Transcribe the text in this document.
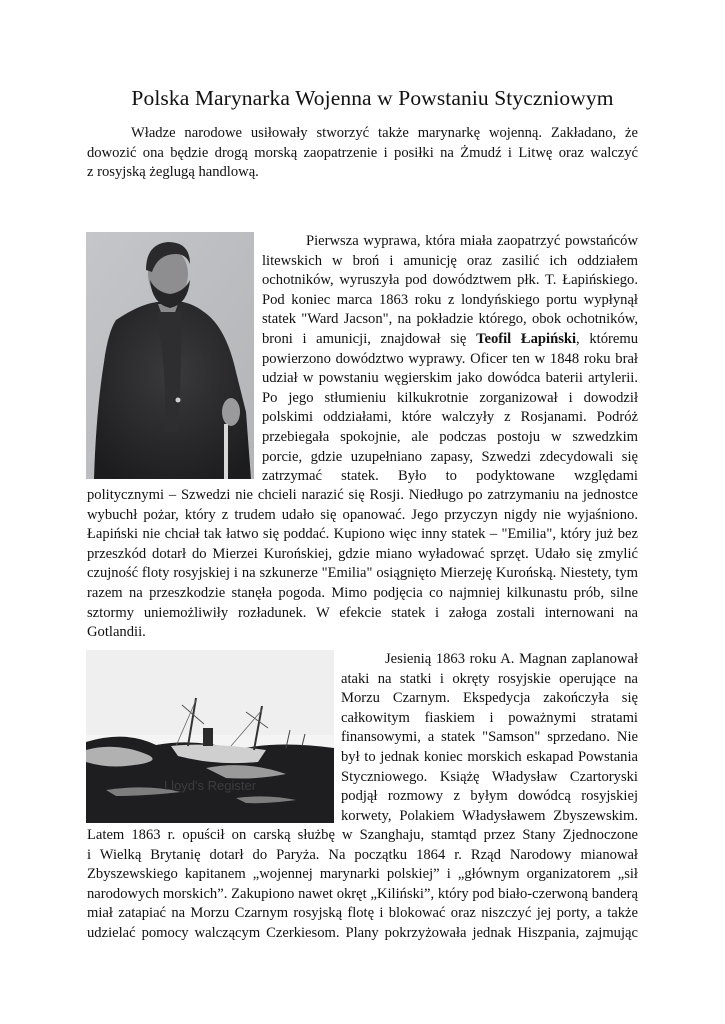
Polska Marynarka Wojenna w Powstaniu Styczniowym
Władze narodowe usiłowały stworzyć także marynarkę wojenną. Zakładano, że
dowozić ona będzie drogą morską zaopatrzenie i posiłki na Żmudź i Litwę oraz walczyć
z rosyjską żeglugą handlową.
Pierwsza wyprawa, która miała zaopatrzyć powstańców
litewskich w broń i amunicję oraz zasilić ich oddziałem
ochotników, wyruszyła pod dowództwem płk. T. Łapińskiego.
Pod koniec marca 1863 roku z londyńskiego portu wypłynął
statek "Ward Jacson", na pokładzie którego, obok ochotników,
broni i amunicji, znajdował się Teofil Łapiński, któremu
powierzono dowództwo wyprawy. Oficer ten w 1848 roku brał
udział w powstaniu węgierskim jako dowódca baterii artylerii.
Po jego stłumieniu kilkukrotnie zorganizował i dowodził
polskimi oddziałami, które walczyły z Rosjanami. Podróż
przebiegała spokojnie, ale podczas postoju w szwedzkim
porcie, gdzie uzupełniano zapasy, Szwedzi zdecydowali się
zatrzymać statek. Było to podyktowane względami
politycznymi – Szwedzi nie chcieli narazić się Rosji. Niedługo po zatrzymaniu na jednostce
wybuchł pożar, który z trudem udało się opanować. Jego przyczyn nigdy nie wyjaśniono.
Łapiński nie chciał tak łatwo się poddać. Kupiono więc inny statek – "Emilia", który już bez
przeszkód dotarł do Mierzei Kurońskiej, gdzie miano wyładować sprzęt. Udało się zmylić
czujność floty rosyjskiej i na szkunerze "Emilia" osiągnięto Mierzeję Kurońską. Niestety, tym
razem na przeszkodzie stanęła pogoda. Mimo podjęcia co najmniej kilkunastu prób, silne
sztormy uniemożliwiły rozładunek. W efekcie statek i załoga zostali internowani na
Gotlandii.
Lloyd's Register
Jesienią 1863 roku A. Magnan zaplanował
ataki na statki i okręty rosyjskie operujące na
Morzu Czarnym. Ekspedycja zakończyła się
całkowitym fiaskiem i poważnymi stratami
finansowymi, a statek "Samson" sprzedano. Nie
był to jednak koniec morskich eskapad Powstania
Styczniowego. Książę Władysław Czartoryski
podjął rozmowy z byłym dowódcą rosyjskiej
korwety, Polakiem Władysławem Zbyszewskim.
Latem 1863 r. opuścił on carską służbę w Szanghaju, stamtąd przez Stany Zjednoczone
i Wielką Brytanię dotarł do Paryża. Na początku 1864 r. Rząd Narodowy mianował
Zbyszewskiego kapitanem „wojennej marynarki polskiej” i „głównym organizatorem „sił
narodowych morskich”. Zakupiono nawet okręt „Kiliński”, który pod biało-czerwoną banderą
miał zatapiać na Morzu Czarnym rosyjską flotę i blokować oraz niszczyć jej porty, a także
udzielać pomocy walczącym Czerkiesom. Plany pokrzyżowała jednak Hiszpania, zajmując
